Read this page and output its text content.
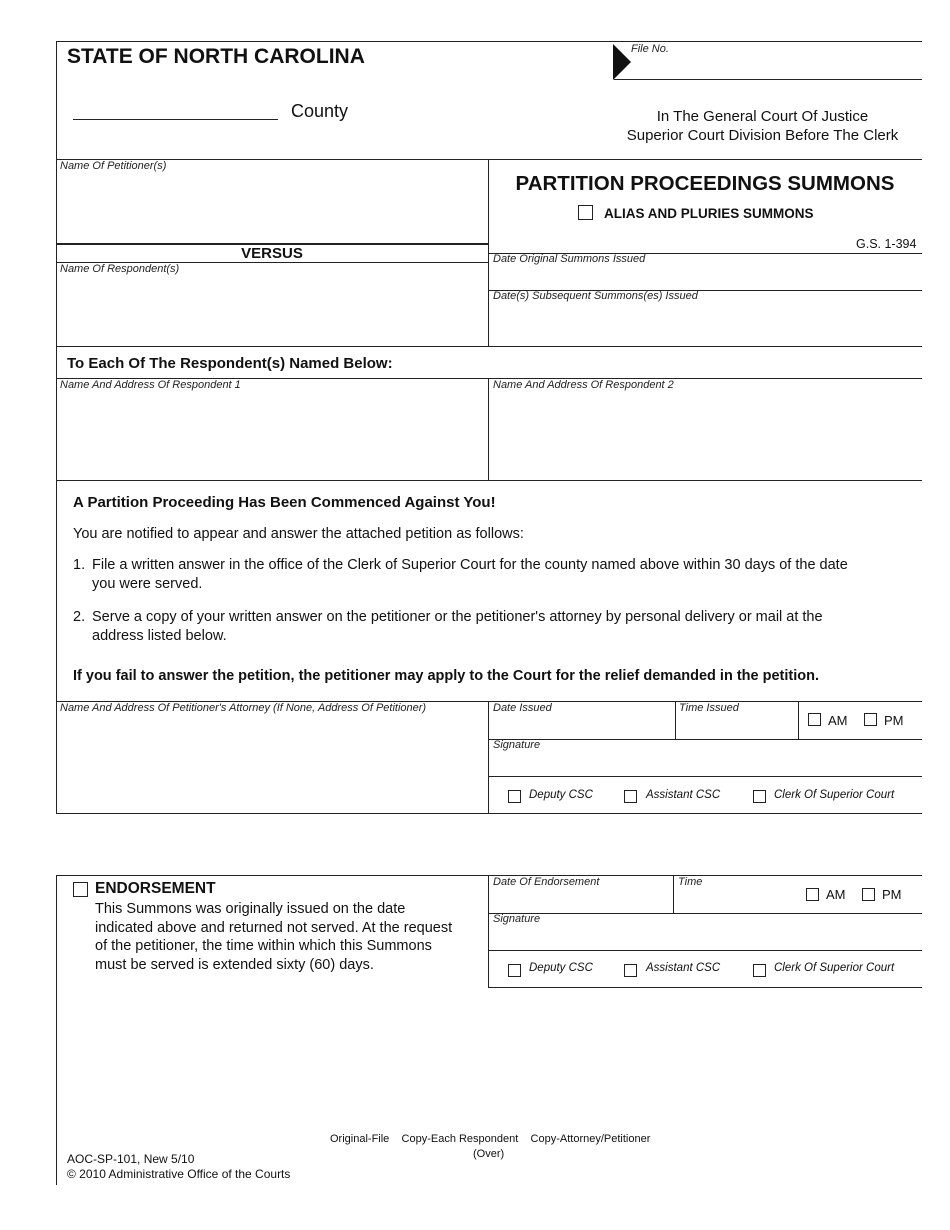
STATE OF NORTH CAROLINA
County
File No.
In The General Court Of Justice
Superior Court Division Before The Clerk
Name Of Petitioner(s)
VERSUS
Name Of Respondent(s)
PARTITION PROCEEDINGS SUMMONS
ALIAS AND PLURIES SUMMONS
G.S. 1-394
Date Original Summons Issued
Date(s) Subsequent Summons(es) Issued
To Each Of The Respondent(s) Named Below:
Name And Address Of Respondent 1	Name And Address Of Respondent 2
A Partition Proceeding Has Been Commenced Against You!
You are notified to appear and answer the attached petition as follows:
1. File a written answer in the office of the Clerk of Superior Court for the county named above within 30 days of the date
you were served.
2. Serve a copy of your written answer on the petitioner or the petitioner's attorney by personal delivery or mail at the
address listed below.
If you fail to answer the petition, the petitioner may apply to the Court for the relief demanded in the petition.
Name And Address Of Petitioner's Attorney (If None, Address Of Petitioner)	Date Issued	Time Issued
AM	PM
Signature
Deputy CSC	Assistant CSC	Clerk Of Superior Court
ENDORSEMENT
This Summons was originally issued on the date
indicated above and returned not served. At the request
of the petitioner, the time within which this Summons
must be served is extended sixty (60) days.
Date Of Endorsement	Time
AM	PM
Signature
Deputy CSC	Assistant CSC	Clerk Of Superior Court
Original-File    Copy-Each Respondent    Copy-Attorney/Petitioner
(Over)
AOC-SP-101, New 5/10
© 2010 Administrative Office of the Courts
